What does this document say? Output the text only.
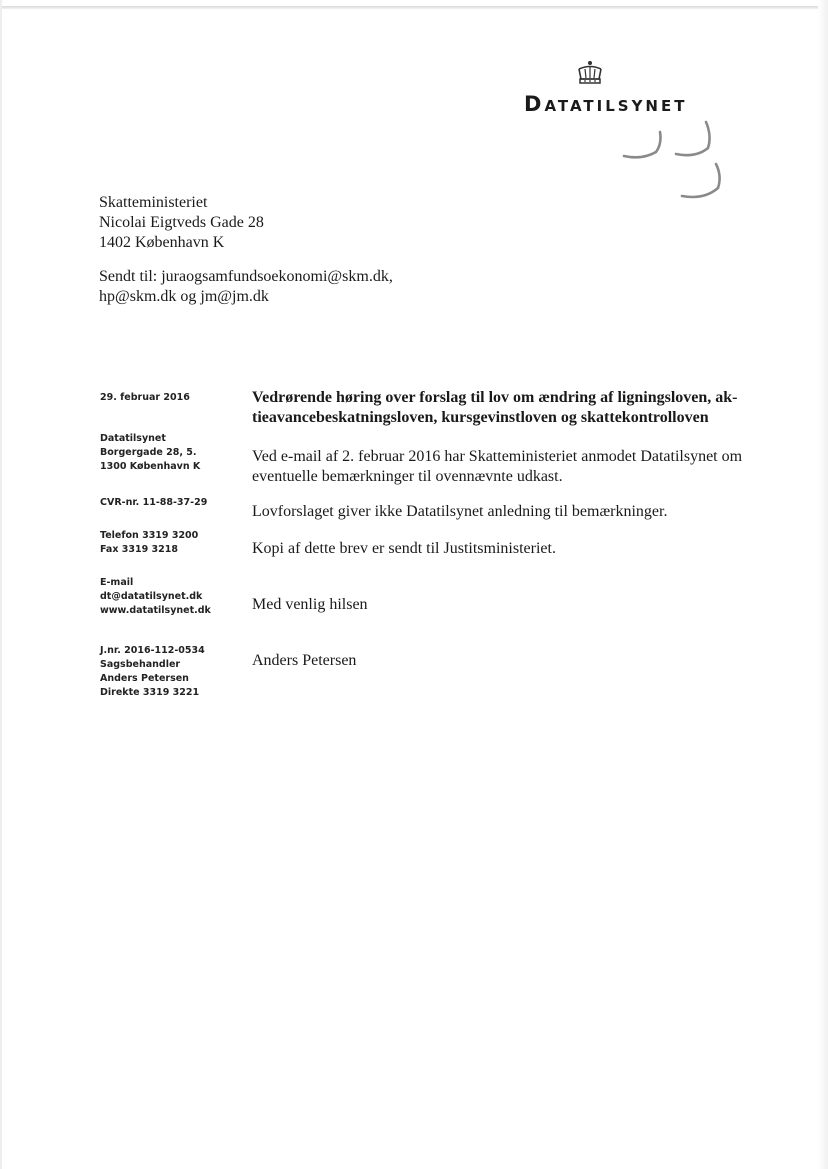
DATATILSYNET
Skatteministeriet
Nicolai Eigtveds Gade 28
1402 København K
Sendt til: juraogsamfundsoekonomi@skm.dk,
hp@skm.dk og jm@jm.dk
29. februar 2016
Datatilsynet
Borgergade 28, 5.
1300 København K
CVR-nr. 11-88-37-29
Telefon 3319 3200
Fax 3319 3218
E-mail
dt@datatilsynet.dk
www.datatilsynet.dk
J.nr. 2016-112-0534
Sagsbehandler
Anders Petersen
Direkte 3319 3221
Vedrørende høring over forslag til lov om ændring af ligningsloven, ak-
tieavancebeskatningsloven, kursgevinstloven og skattekontrolloven
Ved e-mail af 2. februar 2016 har Skatteministeriet anmodet Datatilsynet om
eventuelle bemærkninger til ovennævnte udkast.
Lovforslaget giver ikke Datatilsynet anledning til bemærkninger.
Kopi af dette brev er sendt til Justitsministeriet.
Med venlig hilsen
Anders Petersen
